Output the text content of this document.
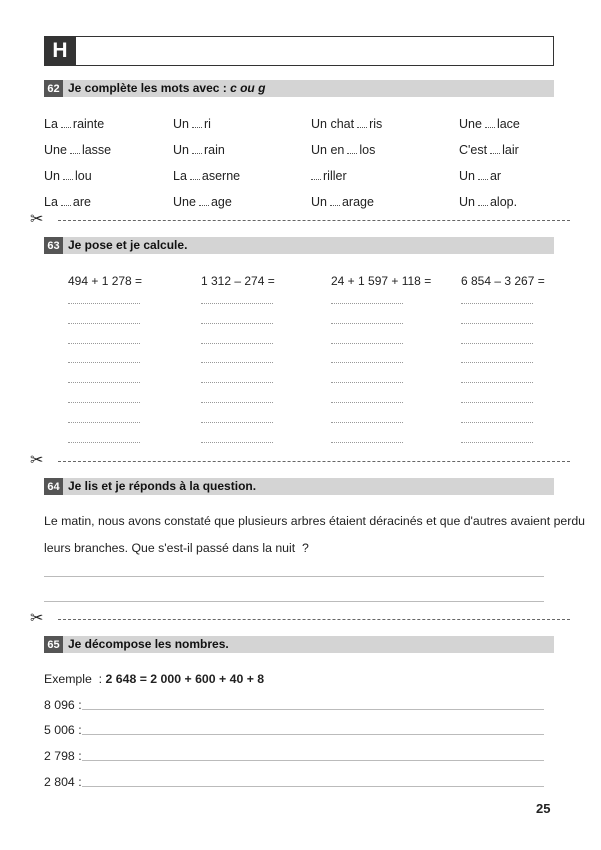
H
62 Je complète les mots avec : c ou g
La rainte	Un ri	Un chat ris	Une lace
Une lasse	Un rain	Un en los	C'est lair
Un lou	La aserne	riller	Un ar
La are	Une age	Un arage	Un alop.
✂
63 Je pose et je calcule.
494 + 1 278 =	1 312 – 274 =	24 + 1 597 + 118 = 6 854 – 3 267 =
✂
64 Je lis et je réponds à la question.
Le matin, nous avons constaté que plusieurs arbres étaient déracinés et que d'autres avaient perdu
leurs branches. Que s'est-il passé dans la nuit  ?
✂
65 Je décompose les nombres.
Exemple  : 2 648 = 2 000 + 600 + 40 + 8
8 096 :
5 006 :
2 798 :
2 804 :
25
